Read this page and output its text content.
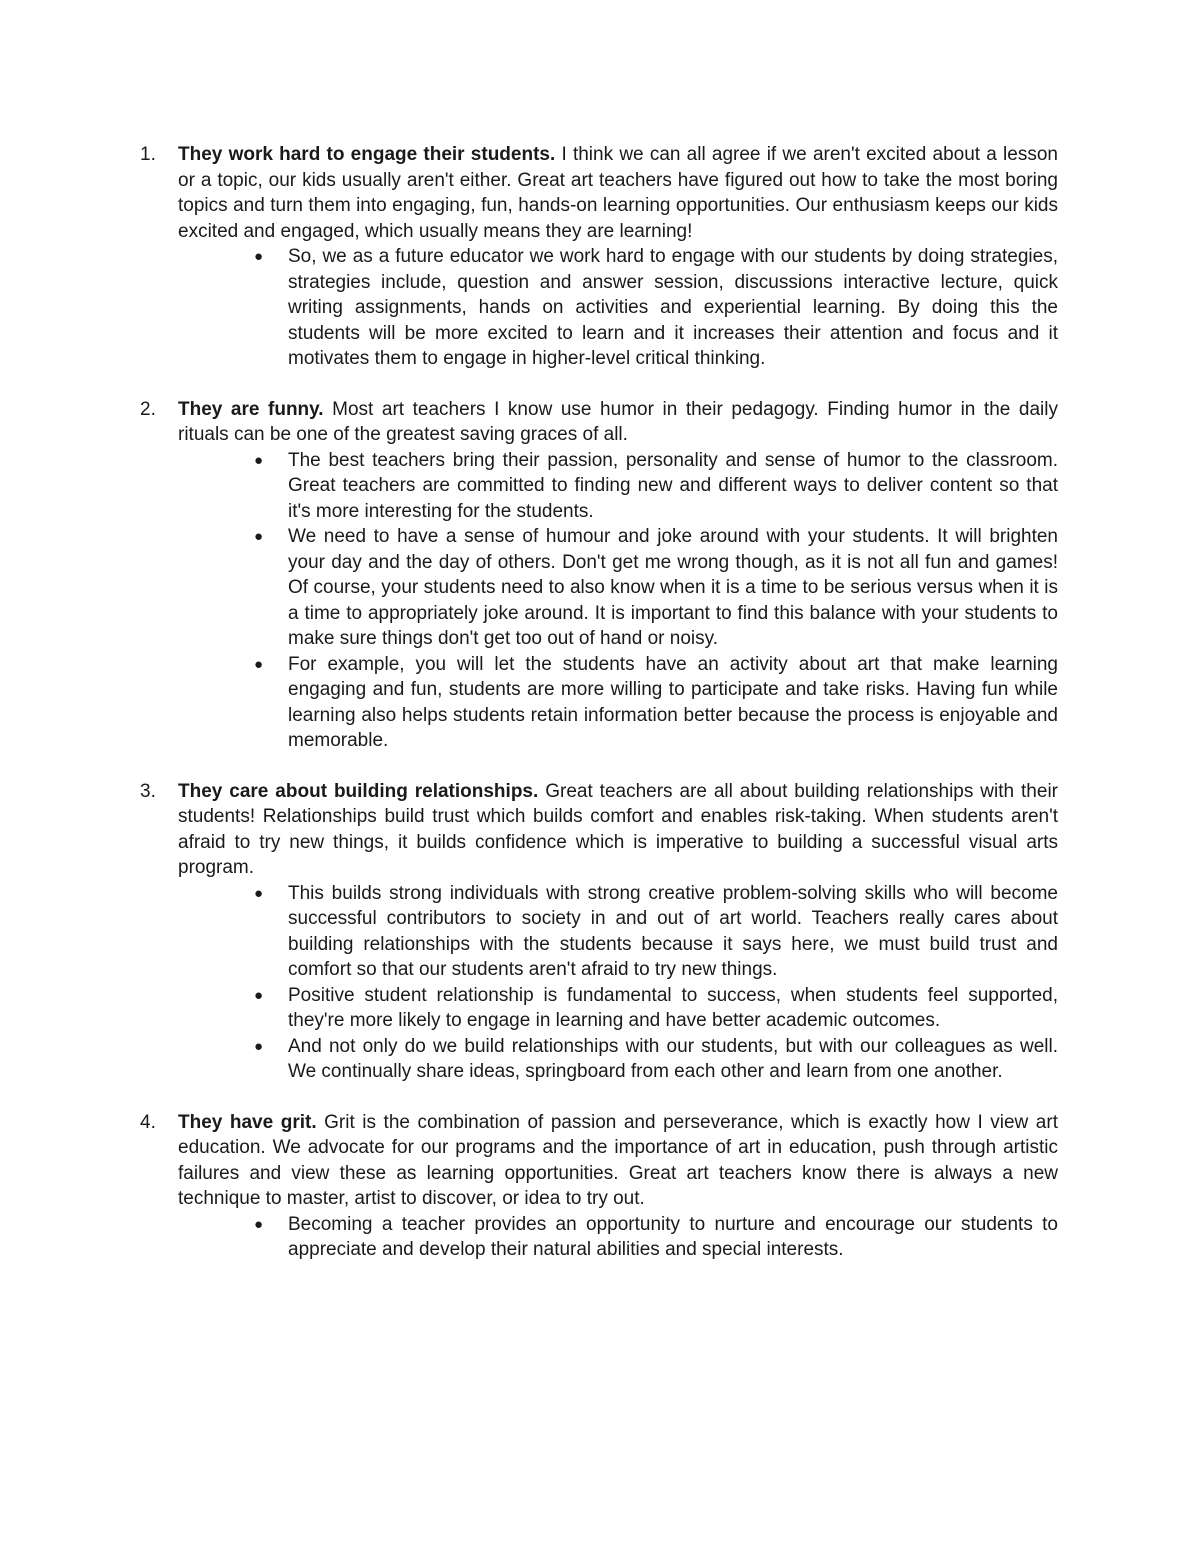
1.	They work hard to engage their students. I think we can all agree if we aren't excited about a lesson or a topic, our kids usually aren't either. Great art teachers have figured out how to take the most boring topics and turn them into engaging, fun, hands-on learning opportunities. Our enthusiasm keeps our kids excited and engaged, which usually means they are learning!
● So, we as a future educator we work hard to engage with our students by doing strategies, strategies include, question and answer session, discussions interactive lecture, quick writing assignments, hands on activities and experiential learning. By doing this the students will be more excited to learn and it increases their attention and focus and it motivates them to engage in higher-level critical thinking.
2.	They are funny. Most art teachers I know use humor in their pedagogy. Finding humor in the daily rituals can be one of the greatest saving graces of all.
● The best teachers bring their passion, personality and sense of humor to the classroom. Great teachers are committed to finding new and different ways to deliver content so that it's more interesting for the students.
● We need to have a sense of humour and joke around with your students. It will brighten your day and the day of others. Don't get me wrong though, as it is not all fun and games! Of course, your students need to also know when it is a time to be serious versus when it is a time to appropriately joke around. It is important to find this balance with your students to make sure things don't get too out of hand or noisy.
● For example, you will let the students have an activity about art that make learning engaging and fun, students are more willing to participate and take risks. Having fun while learning also helps students retain information better because the process is enjoyable and memorable.
3.	They care about building relationships. Great teachers are all about building relationships with their students! Relationships build trust which builds comfort and enables risk-taking. When students aren't afraid to try new things, it builds confidence which is imperative to building a successful visual arts program.
● This builds strong individuals with strong creative problem-solving skills who will become successful contributors to society in and out of art world. Teachers really cares about building relationships with the students because it says here, we must build trust and comfort so that our students aren't afraid to try new things.
● Positive student relationship is fundamental to success, when students feel supported, they're more likely to engage in learning and have better academic outcomes.
● And not only do we build relationships with our students, but with our colleagues as well. We continually share ideas, springboard from each other and learn from one another.
4.	They have grit. Grit is the combination of passion and perseverance, which is exactly how I view art education. We advocate for our programs and the importance of art in education, push through artistic failures and view these as learning opportunities. Great art teachers know there is always a new technique to master, artist to discover, or idea to try out.
● Becoming a teacher provides an opportunity to nurture and encourage our students to appreciate and develop their natural abilities and special interests.
